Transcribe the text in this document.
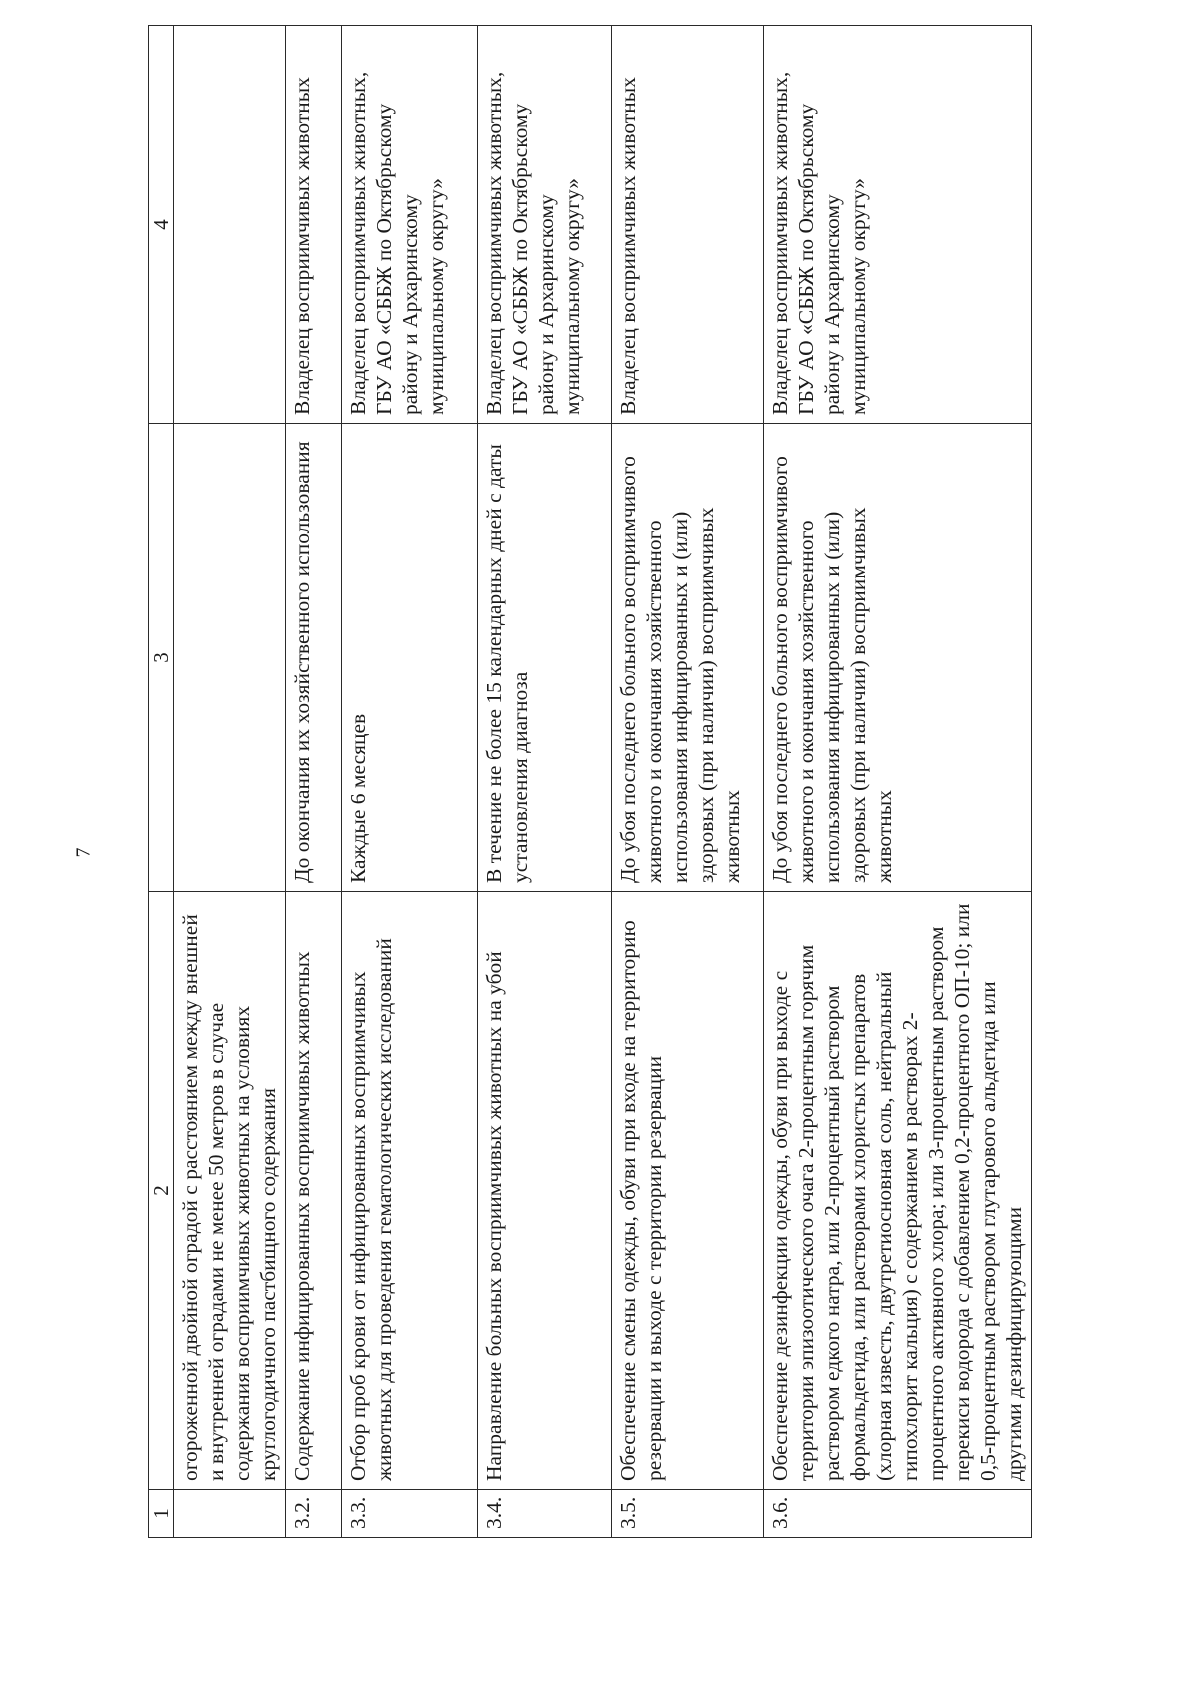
7
1	2	3	4
	огороженной двойной оградой с расстоянием между внешней и внутренней оградами не менее 50 метров в случае содержания восприимчивых животных на условиях круглогодичного пастбищного содержания		
3.2.	Содержание инфицированных восприимчивых животных	До окончания их хозяйственного использования	Владелец восприимчивых животных
3.3.	Отбор проб крови от инфицированных восприимчивых животных для проведения гематологических исследований	Каждые 6 месяцев	Владелец восприимчивых животных, ГБУ АО «СББЖ по Октябрьскому району и Архаринскому муниципальному округу»
3.4.	Направление больных восприимчивых животных на убой	В течение не более 15 календарных дней с даты установления диагноза	Владелец восприимчивых животных, ГБУ АО «СББЖ по Октябрьскому району и Архаринскому муниципальному округу»
3.5.	Обеспечение смены одежды, обуви при входе на территорию резервации и выходе с территории резервации	До убоя последнего больного восприимчивого животного и окончания хозяйственного использования инфицированных и (или) здоровых (при наличии) восприимчивых животных	Владелец восприимчивых животных
3.6.	Обеспечение дезинфекции одежды, обуви при выходе с территории эпизоотического очага 2-процентным горячим раствором едкого натра, или 2-процентный раствором формальдегида, или растворами хлористых препаратов (хлорная известь, двутретиосновная соль, нейтральный гипохлорит кальция) с содержанием в растворах 2-процентного активного хлора; или 3-процентным раствором перекиси водорода с добавлением 0,2-процентного ОП-10; или 0,5-процентным раствором глутарового альдегида или другими дезинфицирующими	До убоя последнего больного восприимчивого животного и окончания хозяйственного использования инфицированных и (или) здоровых (при наличии) восприимчивых животных	Владелец восприимчивых животных, ГБУ АО «СББЖ по Октябрьскому району и Архаринскому муниципальному округу»
